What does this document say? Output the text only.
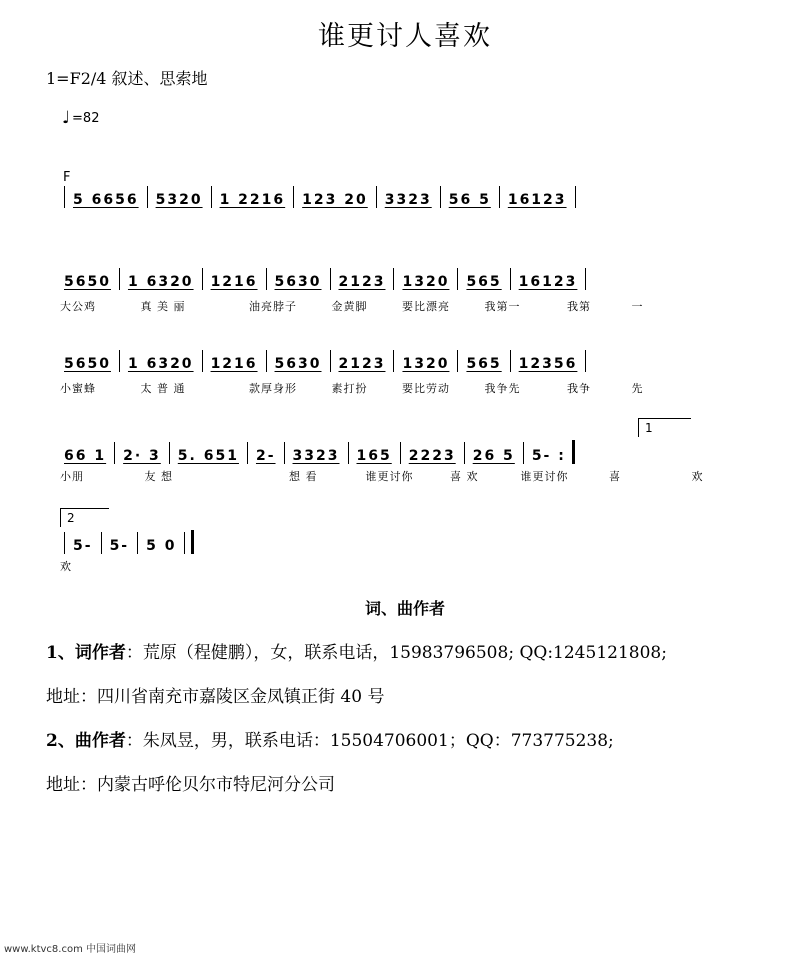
谁更讨人喜欢
1=F2/4 叙述、思索地
♩ =82
F
5 6656 5320 1 2216 123 20 3323 56 5 16123
5650 1 6320 1216 5630 2123 1320 565 16123
大公鸡	真 美 丽	油亮脖子	金黄脚	要比漂亮	我第一	我第	一
5650 1 6320 1216 5630 2123 1320 565 12356
小蜜蜂	太 普 通	款厚身形	素打扮	要比劳动	我争先	我争	先
1
66 1 2· 3 5. 651 2- 3323 165 2223 26 5 5- :
小朋	友 想	想 看	谁更讨你	喜 欢	谁更讨你	喜	欢
2
5- 5- 5 0
欢
词、曲作者
1、词作者：荒原（程健鹏），女，联系电话，15983796508; QQ:1245121808;
地址：四川省南充市嘉陵区金凤镇正街 40 号
2、曲作者：朱凤昱，男，联系电话：15504706001；QQ：773775238;
地址：内蒙古呼伦贝尔市特尼河分公司
www.ktvc8.com 中国词曲网
